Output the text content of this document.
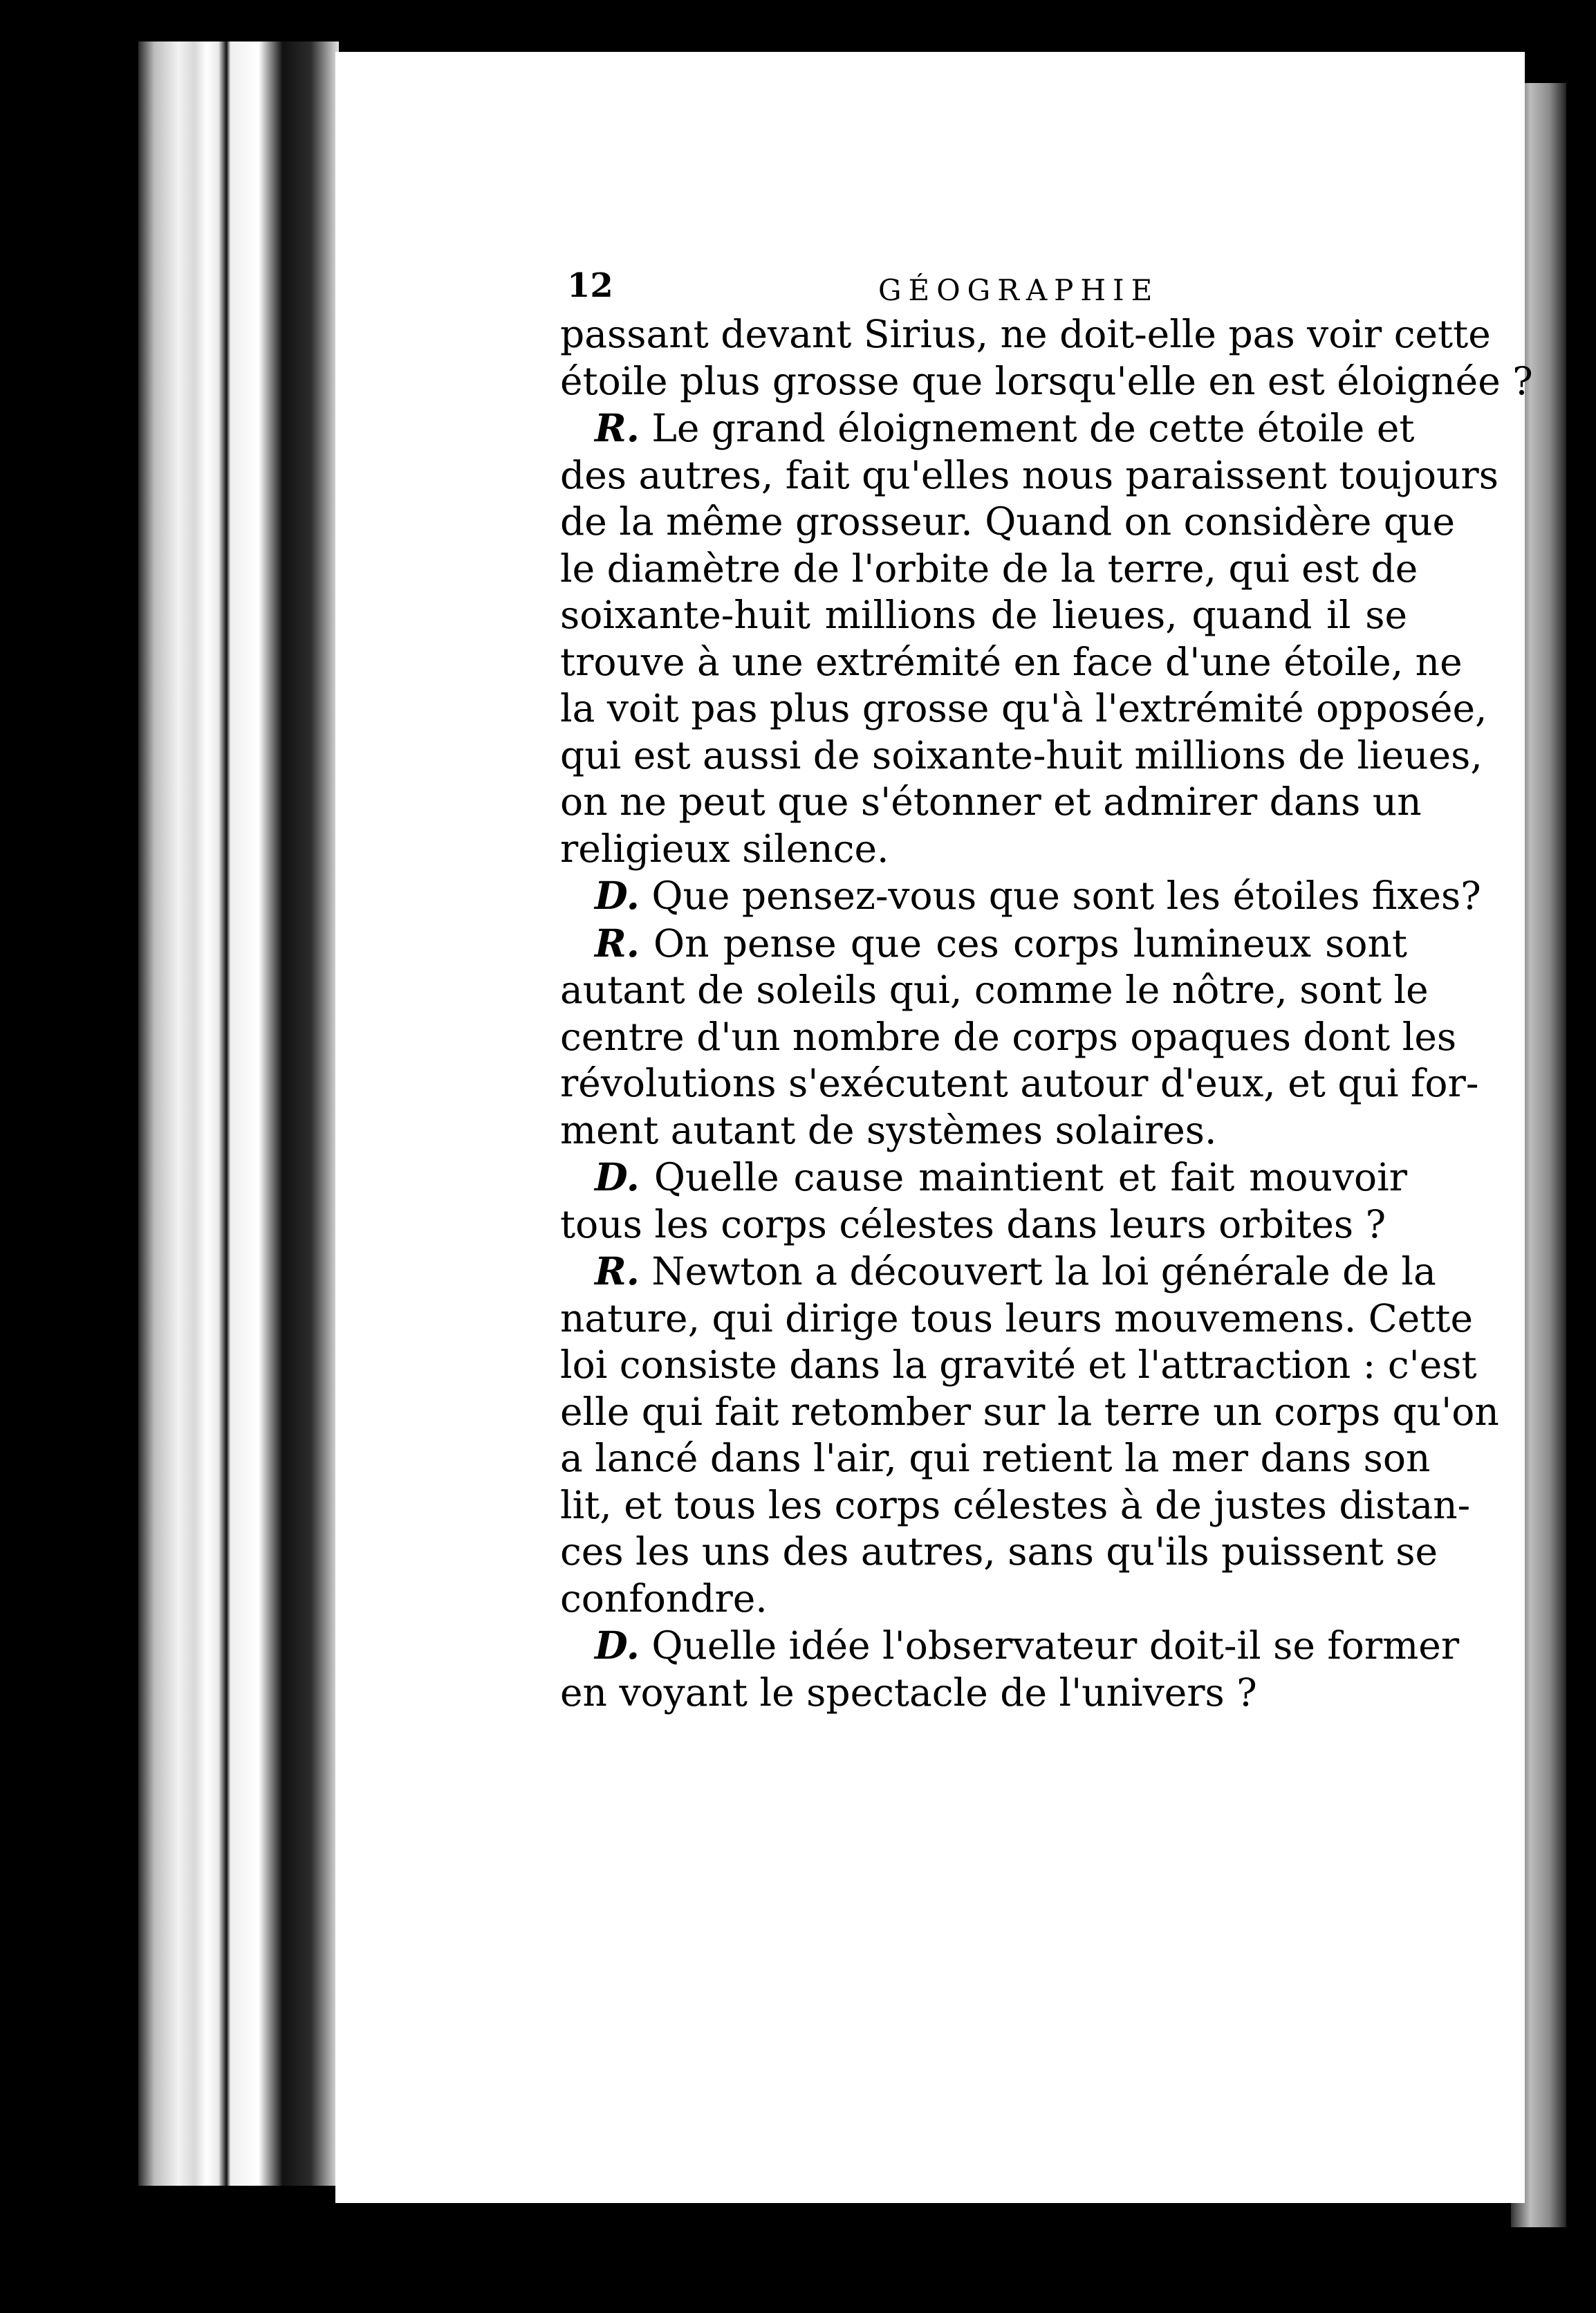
12	GÉOGRAPHIE
passant devant Sirius, ne doit-elle pas voir cette
étoile plus grosse que lorsqu'elle en est éloignée ?
R. Le grand éloignement de cette étoile et
des autres, fait qu'elles nous paraissent toujours
de la même grosseur. Quand on considère que
le diamètre de l'orbite de la terre, qui est de
soixante-huit millions de lieues, quand il se
trouve à une extrémité en face d'une étoile, ne
la voit pas plus grosse qu'à l'extrémité opposée,
qui est aussi de soixante-huit millions de lieues,
on ne peut que s'étonner et admirer dans un
religieux silence.
D. Que pensez-vous que sont les étoiles fixes?
R. On pense que ces corps lumineux sont
autant de soleils qui, comme le nôtre, sont le
centre d'un nombre de corps opaques dont les
révolutions s'exécutent autour d'eux, et qui for-
ment autant de systèmes solaires.
D. Quelle cause maintient et fait mouvoir
tous les corps célestes dans leurs orbites ?
R. Newton a découvert la loi générale de la
nature, qui dirige tous leurs mouvemens. Cette
loi consiste dans la gravité et l'attraction : c'est
elle qui fait retomber sur la terre un corps qu'on
a lancé dans l'air, qui retient la mer dans son
lit, et tous les corps célestes à de justes distan-
ces les uns des autres, sans qu'ils puissent se
confondre.
D. Quelle idée l'observateur doit-il se former
en voyant le spectacle de l'univers ?
